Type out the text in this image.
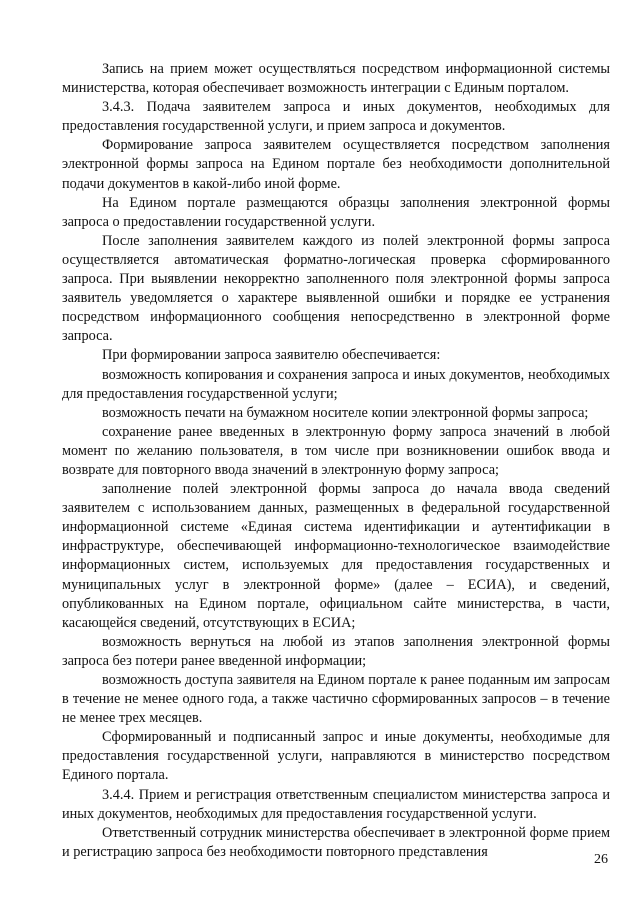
Запись на прием может осуществляться посредством информационной системы министерства, которая обеспечивает возможность интеграции с Единым порталом.

3.4.3. Подача заявителем запроса и иных документов, необходимых для предоставления государственной услуги, и прием запроса и документов.

Формирование запроса заявителем осуществляется посредством заполнения электронной формы запроса на Едином портале без необходимости дополнительной подачи документов в какой-либо иной форме.

На Едином портале размещаются образцы заполнения электронной формы запроса о предоставлении государственной услуги.

После заполнения заявителем каждого из полей электронной формы запроса осуществляется автоматическая форматно-логическая проверка сформированного запроса. При выявлении некорректно заполненного поля электронной формы запроса заявитель уведомляется о характере выявленной ошибки и порядке ее устранения посредством информационного сообщения непосредственно в электронной форме запроса.

При формировании запроса заявителю обеспечивается:

возможность копирования и сохранения запроса и иных документов, необходимых для предоставления государственной услуги;

возможность печати на бумажном носителе копии электронной формы запроса;

сохранение ранее введенных в электронную форму запроса значений в любой момент по желанию пользователя, в том числе при возникновении ошибок ввода и возврате для повторного ввода значений в электронную форму запроса;

заполнение полей электронной формы запроса до начала ввода сведений заявителем с использованием данных, размещенных в федеральной государственной информационной системе «Единая система идентификации и аутентификации в инфраструктуре, обеспечивающей информационно-технологическое взаимодействие информационных систем, используемых для предоставления государственных и муниципальных услуг в электронной форме» (далее – ЕСИА), и сведений, опубликованных на Едином портале, официальном сайте министерства, в части, касающейся сведений, отсутствующих в ЕСИА;

возможность вернуться на любой из этапов заполнения электронной формы запроса без потери ранее введенной информации;

возможность доступа заявителя на Едином портале к ранее поданным им запросам в течение не менее одного года, а также частично сформированных запросов – в течение не менее трех месяцев.

Сформированный и подписанный запрос и иные документы, необходимые для предоставления государственной услуги, направляются в министерство посредством Единого портала.

3.4.4. Прием и регистрация ответственным специалистом министерства запроса и иных документов, необходимых для предоставления государственной услуги.

Ответственный сотрудник министерства обеспечивает в электронной форме прием и регистрацию запроса без необходимости повторного представления	26
